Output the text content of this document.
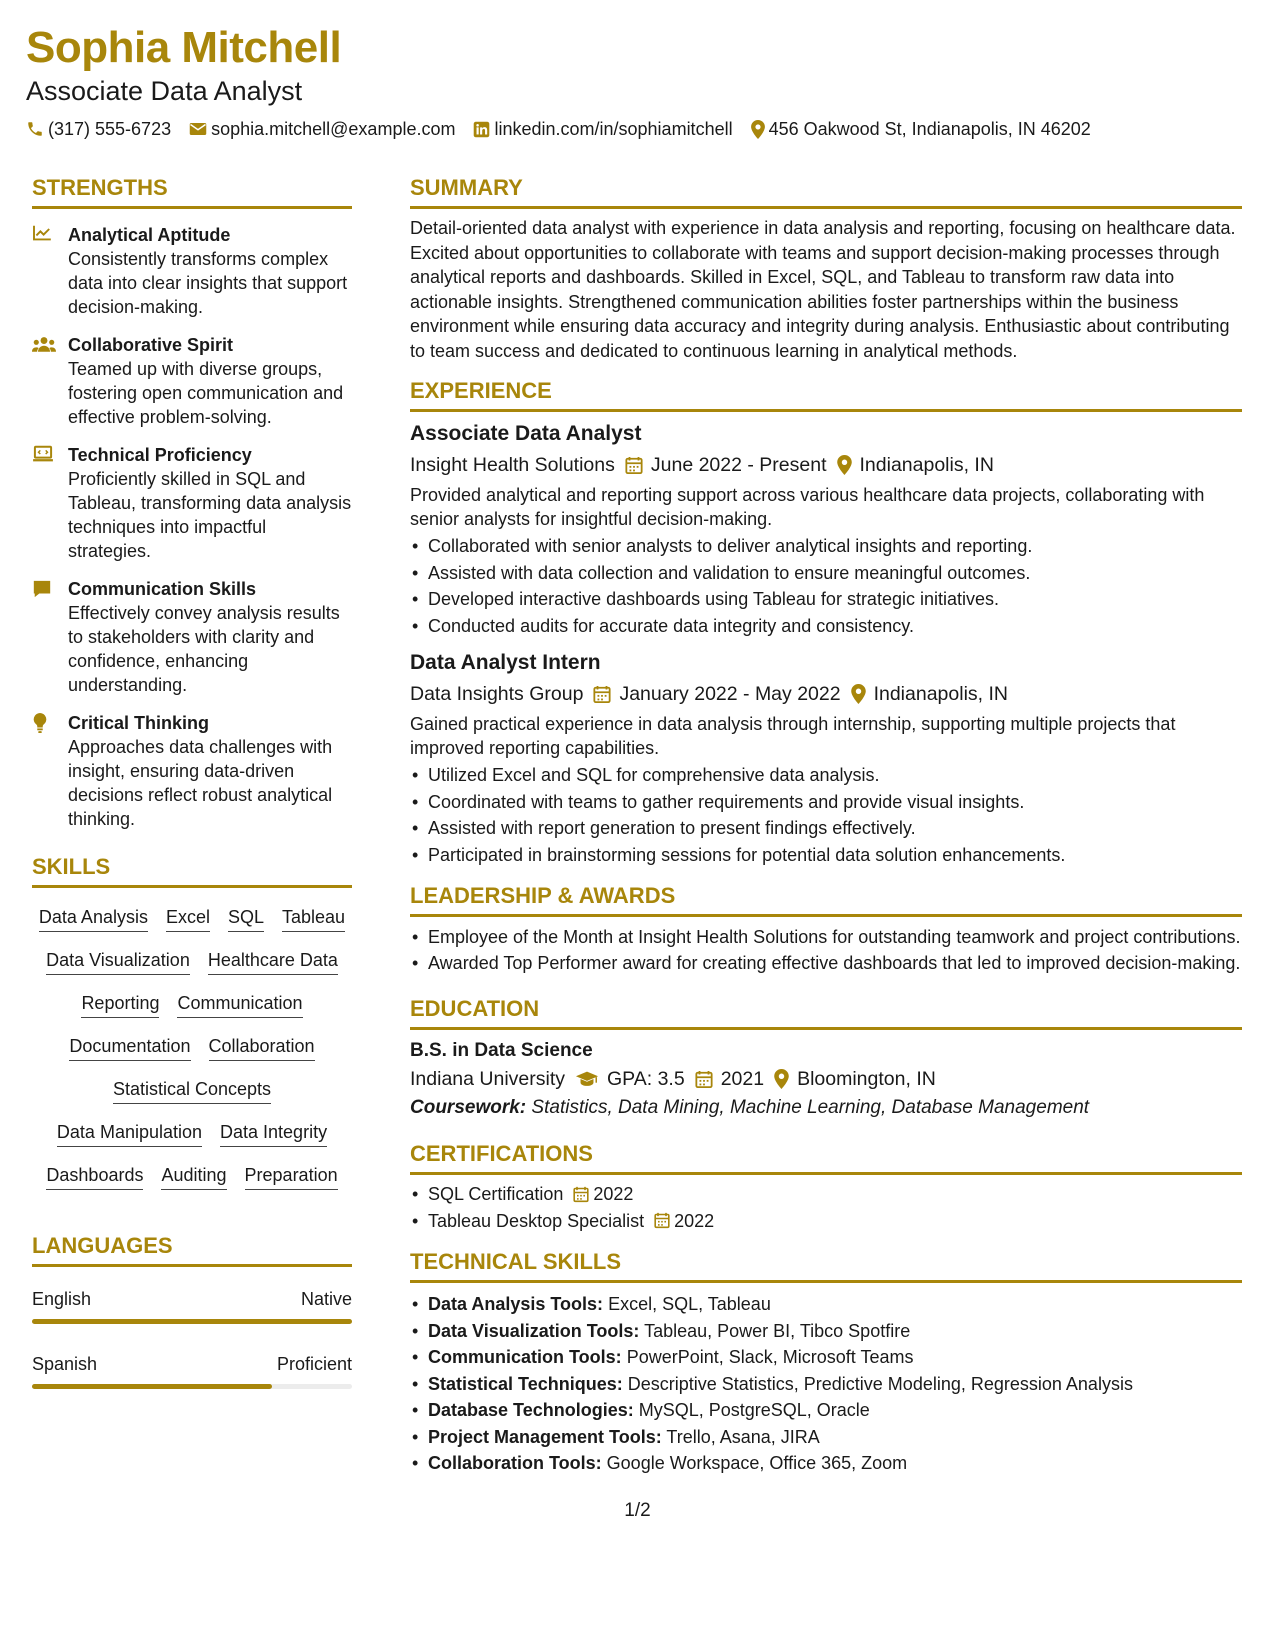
Sophia Mitchell
Associate Data Analyst
(317) 555-6723 sophia.mitchell@example.com linkedin.com/in/sophiamitchell 456 Oakwood St, Indianapolis, IN 46202
STRENGTHS
Analytical Aptitude
Consistently transforms complex data into clear insights that support decision-making.
Collaborative Spirit
Teamed up with diverse groups, fostering open communication and effective problem-solving.
Technical Proficiency
Proficiently skilled in SQL and Tableau, transforming data analysis techniques into impactful strategies.
Communication Skills
Effectively convey analysis results to stakeholders with clarity and confidence, enhancing understanding.
Critical Thinking
Approaches data challenges with insight, ensuring data-driven decisions reflect robust analytical thinking.
SKILLS
Data Analysis Excel SQL Tableau
Data Visualization Healthcare Data
Reporting Communication
Documentation Collaboration
Statistical Concepts
Data Manipulation Data Integrity
Dashboards Auditing Preparation
LANGUAGES
English	Native
Spanish	Proficient
SUMMARY
Detail-oriented data analyst with experience in data analysis and reporting, focusing on healthcare data. Excited about opportunities to collaborate with teams and support decision-making processes through analytical reports and dashboards. Skilled in Excel, SQL, and Tableau to transform raw data into actionable insights. Strengthened communication abilities foster partnerships within the business environment while ensuring data accuracy and integrity during analysis. Enthusiastic about contributing to team success and dedicated to continuous learning in analytical methods.
EXPERIENCE
Associate Data Analyst
Insight Health Solutions June 2022 - Present Indianapolis, IN
Provided analytical and reporting support across various healthcare data projects, collaborating with senior analysts for insightful decision-making.
• Collaborated with senior analysts to deliver analytical insights and reporting.
• Assisted with data collection and validation to ensure meaningful outcomes.
• Developed interactive dashboards using Tableau for strategic initiatives.
• Conducted audits for accurate data integrity and consistency.
Data Analyst Intern
Data Insights Group January 2022 - May 2022 Indianapolis, IN
Gained practical experience in data analysis through internship, supporting multiple projects that improved reporting capabilities.
• Utilized Excel and SQL for comprehensive data analysis.
• Coordinated with teams to gather requirements and provide visual insights.
• Assisted with report generation to present findings effectively.
• Participated in brainstorming sessions for potential data solution enhancements.
LEADERSHIP & AWARDS
• Employee of the Month at Insight Health Solutions for outstanding teamwork and project contributions.
• Awarded Top Performer award for creating effective dashboards that led to improved decision-making.
EDUCATION
B.S. in Data Science
Indiana University GPA: 3.5 2021 Bloomington, IN
Coursework: Statistics, Data Mining, Machine Learning, Database Management
CERTIFICATIONS
• SQL Certification 2022
• Tableau Desktop Specialist 2022
TECHNICAL SKILLS
• Data Analysis Tools: Excel, SQL, Tableau
• Data Visualization Tools: Tableau, Power BI, Tibco Spotfire
• Communication Tools: PowerPoint, Slack, Microsoft Teams
• Statistical Techniques: Descriptive Statistics, Predictive Modeling, Regression Analysis
• Database Technologies: MySQL, PostgreSQL, Oracle
• Project Management Tools: Trello, Asana, JIRA
• Collaboration Tools: Google Workspace, Office 365, Zoom
1/2
